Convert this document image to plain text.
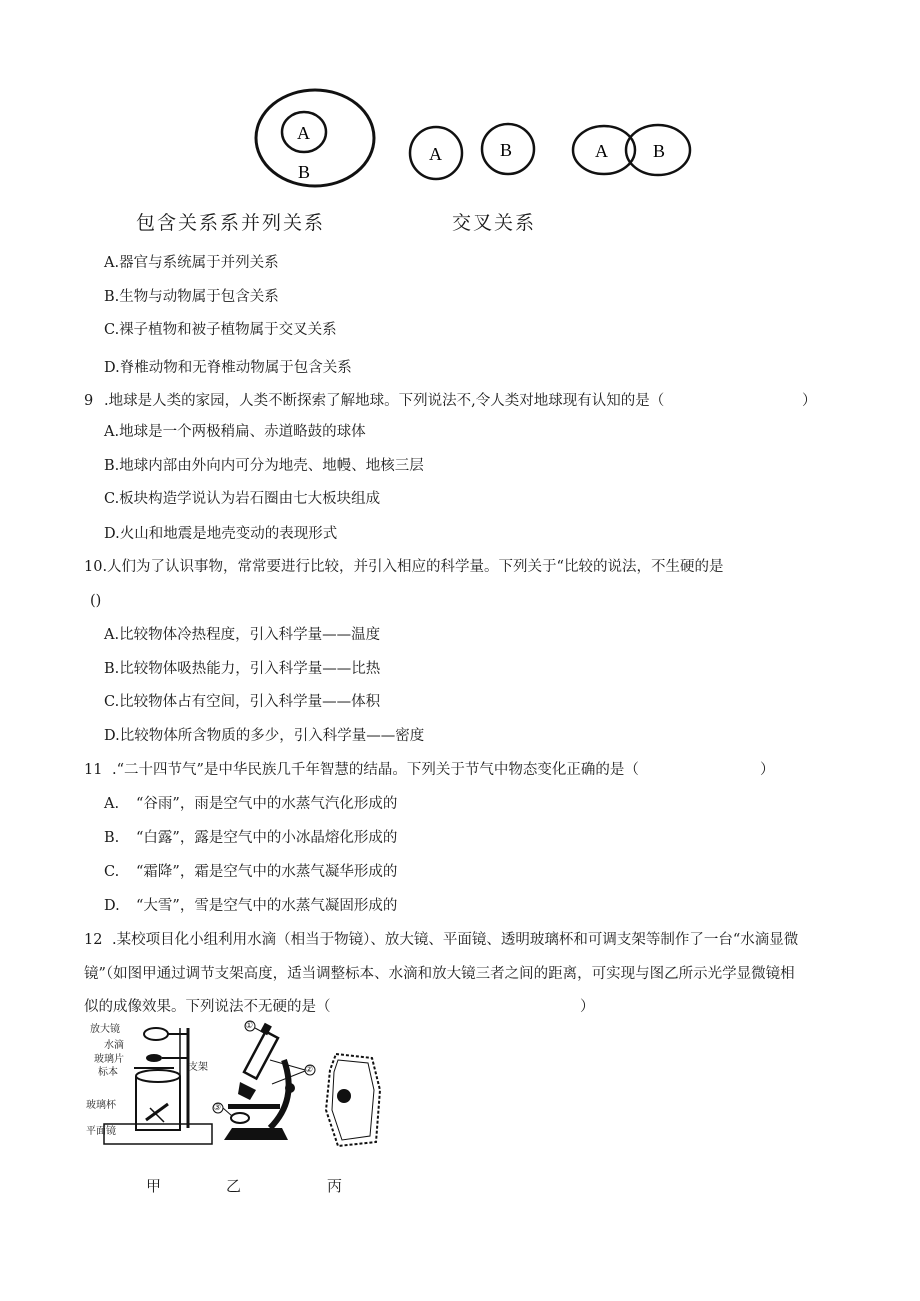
A
B
A	B	A	B
包含关系系并列关系	交叉关系
A.器官与系统属于并列关系
B.生物与动物属于包含关系
C.裸子植物和被子植物属于交叉关系
D.脊椎动物和无脊椎动物属于包含关系
9 .地球是人类的家园，人类不断探索了解地球。下列说法不,令人类对地球现有认知的是（	）
A.地球是一个两极稍扁、赤道略鼓的球体
B.地球内部由外向内可分为地壳、地幔、地核三层
C.板块构造学说认为岩石圈由七大板块组成
D.火山和地震是地壳变动的表现形式
10.人们为了认识事物，常常要进行比较，并引入相应的科学量。下列关于“比较的说法，不生硬的是
()
A.比较物体冷热程度，引入科学量——温度
B.比较物体吸热能力，引入科学量——比热
C.比较物体占有空间，引入科学量——体积
D.比较物体所含物质的多少，引入科学量——密度
11 .“二十四节气”是中华民族几千年智慧的结晶。下列关于节气中物态变化正确的是（	）
A. “谷雨”，雨是空气中的水蒸气汽化形成的
B. “白露”，露是空气中的小冰晶熔化形成的
C. “霜降”，霜是空气中的水蒸气凝华形成的
D. “大雪”，雪是空气中的水蒸气凝固形成的
12 .某校项目化小组利用水滴（相当于物镜）、放大镜、平面镜、透明玻璃杯和可调支架等制作了一台“水滴显微
镜”（如图甲通过调节支架高度，适当调整标本、水滴和放大镜三者之间的距离，可实现与图乙所示光学显微镜相
似的成像效果。下列说法不无硬的是（	）
放大镜
水滴
玻璃片
标本
玻璃杯
平面镜
支架
①
②
③
甲	乙	丙
